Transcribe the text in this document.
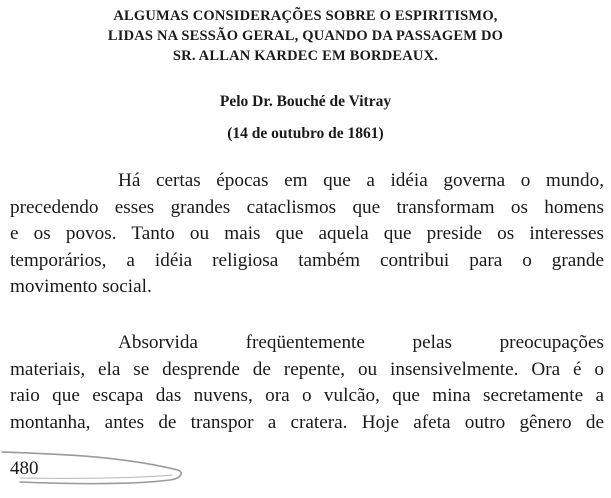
ALGUMAS CONSIDERAÇÕES SOBRE O ESPIRITISMO,
LIDAS NA SESSÃO GERAL, QUANDO DA PASSAGEM DO
SR. ALLAN KARDEC EM BORDEAUX.

Pelo Dr. Bouché de Vitray

(14 de outubro de 1861)

Há certas épocas em que a idéia governa o mundo,
precedendo esses grandes cataclismos que transformam os homens
e os povos. Tanto ou mais que aquela que preside os interesses
temporários, a idéia religiosa também contribui para o grande
movimento social.

Absorvida freqüentemente pelas preocupações
materiais, ela se desprende de repente, ou insensivelmente. Ora é o
raio que escapa das nuvens, ora o vulcão, que mina secretamente a
montanha, antes de transpor a cratera. Hoje afeta outro gênero de

480
